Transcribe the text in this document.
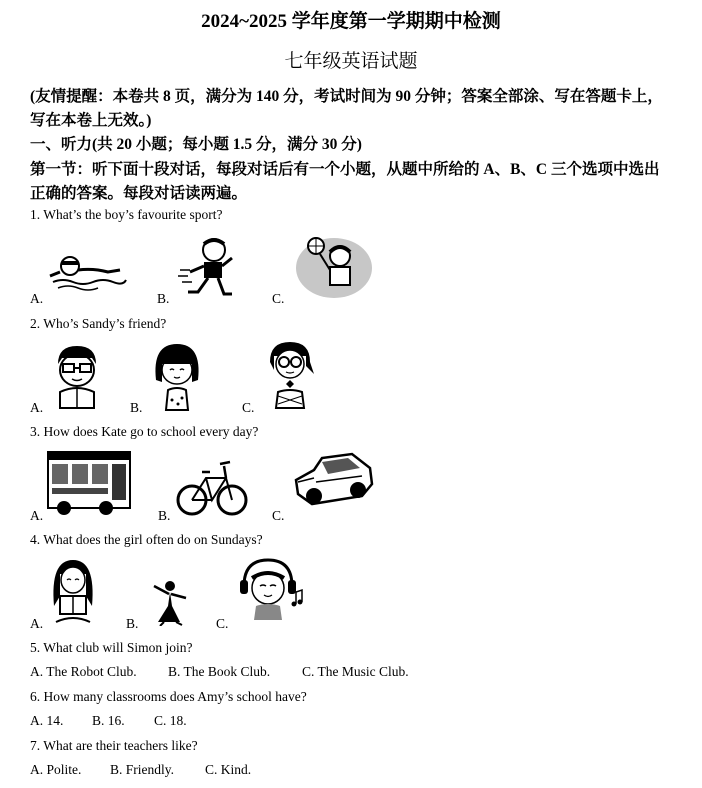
2024~2025 学年度第一学期期中检测
七年级英语试题
(友情提醒：本卷共 8 页，满分为 140 分，考试时间为 90 分钟；答案全部涂、写在答题卡上，
写在本卷上无效。)
一、听力(共 20 小题；每小题 1.5 分，满分 30 分)
第一节：听下面十段对话，每段对话后有一个小题，从题中所给的 A、B、C 三个选项中选出
正确的答案。每段对话读两遍。
1. What’s the boy’s favourite sport?
A.	B.	C.
2. Who’s Sandy’s friend?
A.	B.	C.
3. How does Kate go to school every day?
A.	B.	C.
4. What does the girl often do on Sundays?
A.	B.	C.
5. What club will Simon join?
A. The Robot Club. B. The Book Club. C. The Music Club.
6. How many classrooms does Amy’s school have?
A. 14. B. 16. C. 18.
7. What are their teachers like?
A. Polite. B. Friendly. C. Kind.
